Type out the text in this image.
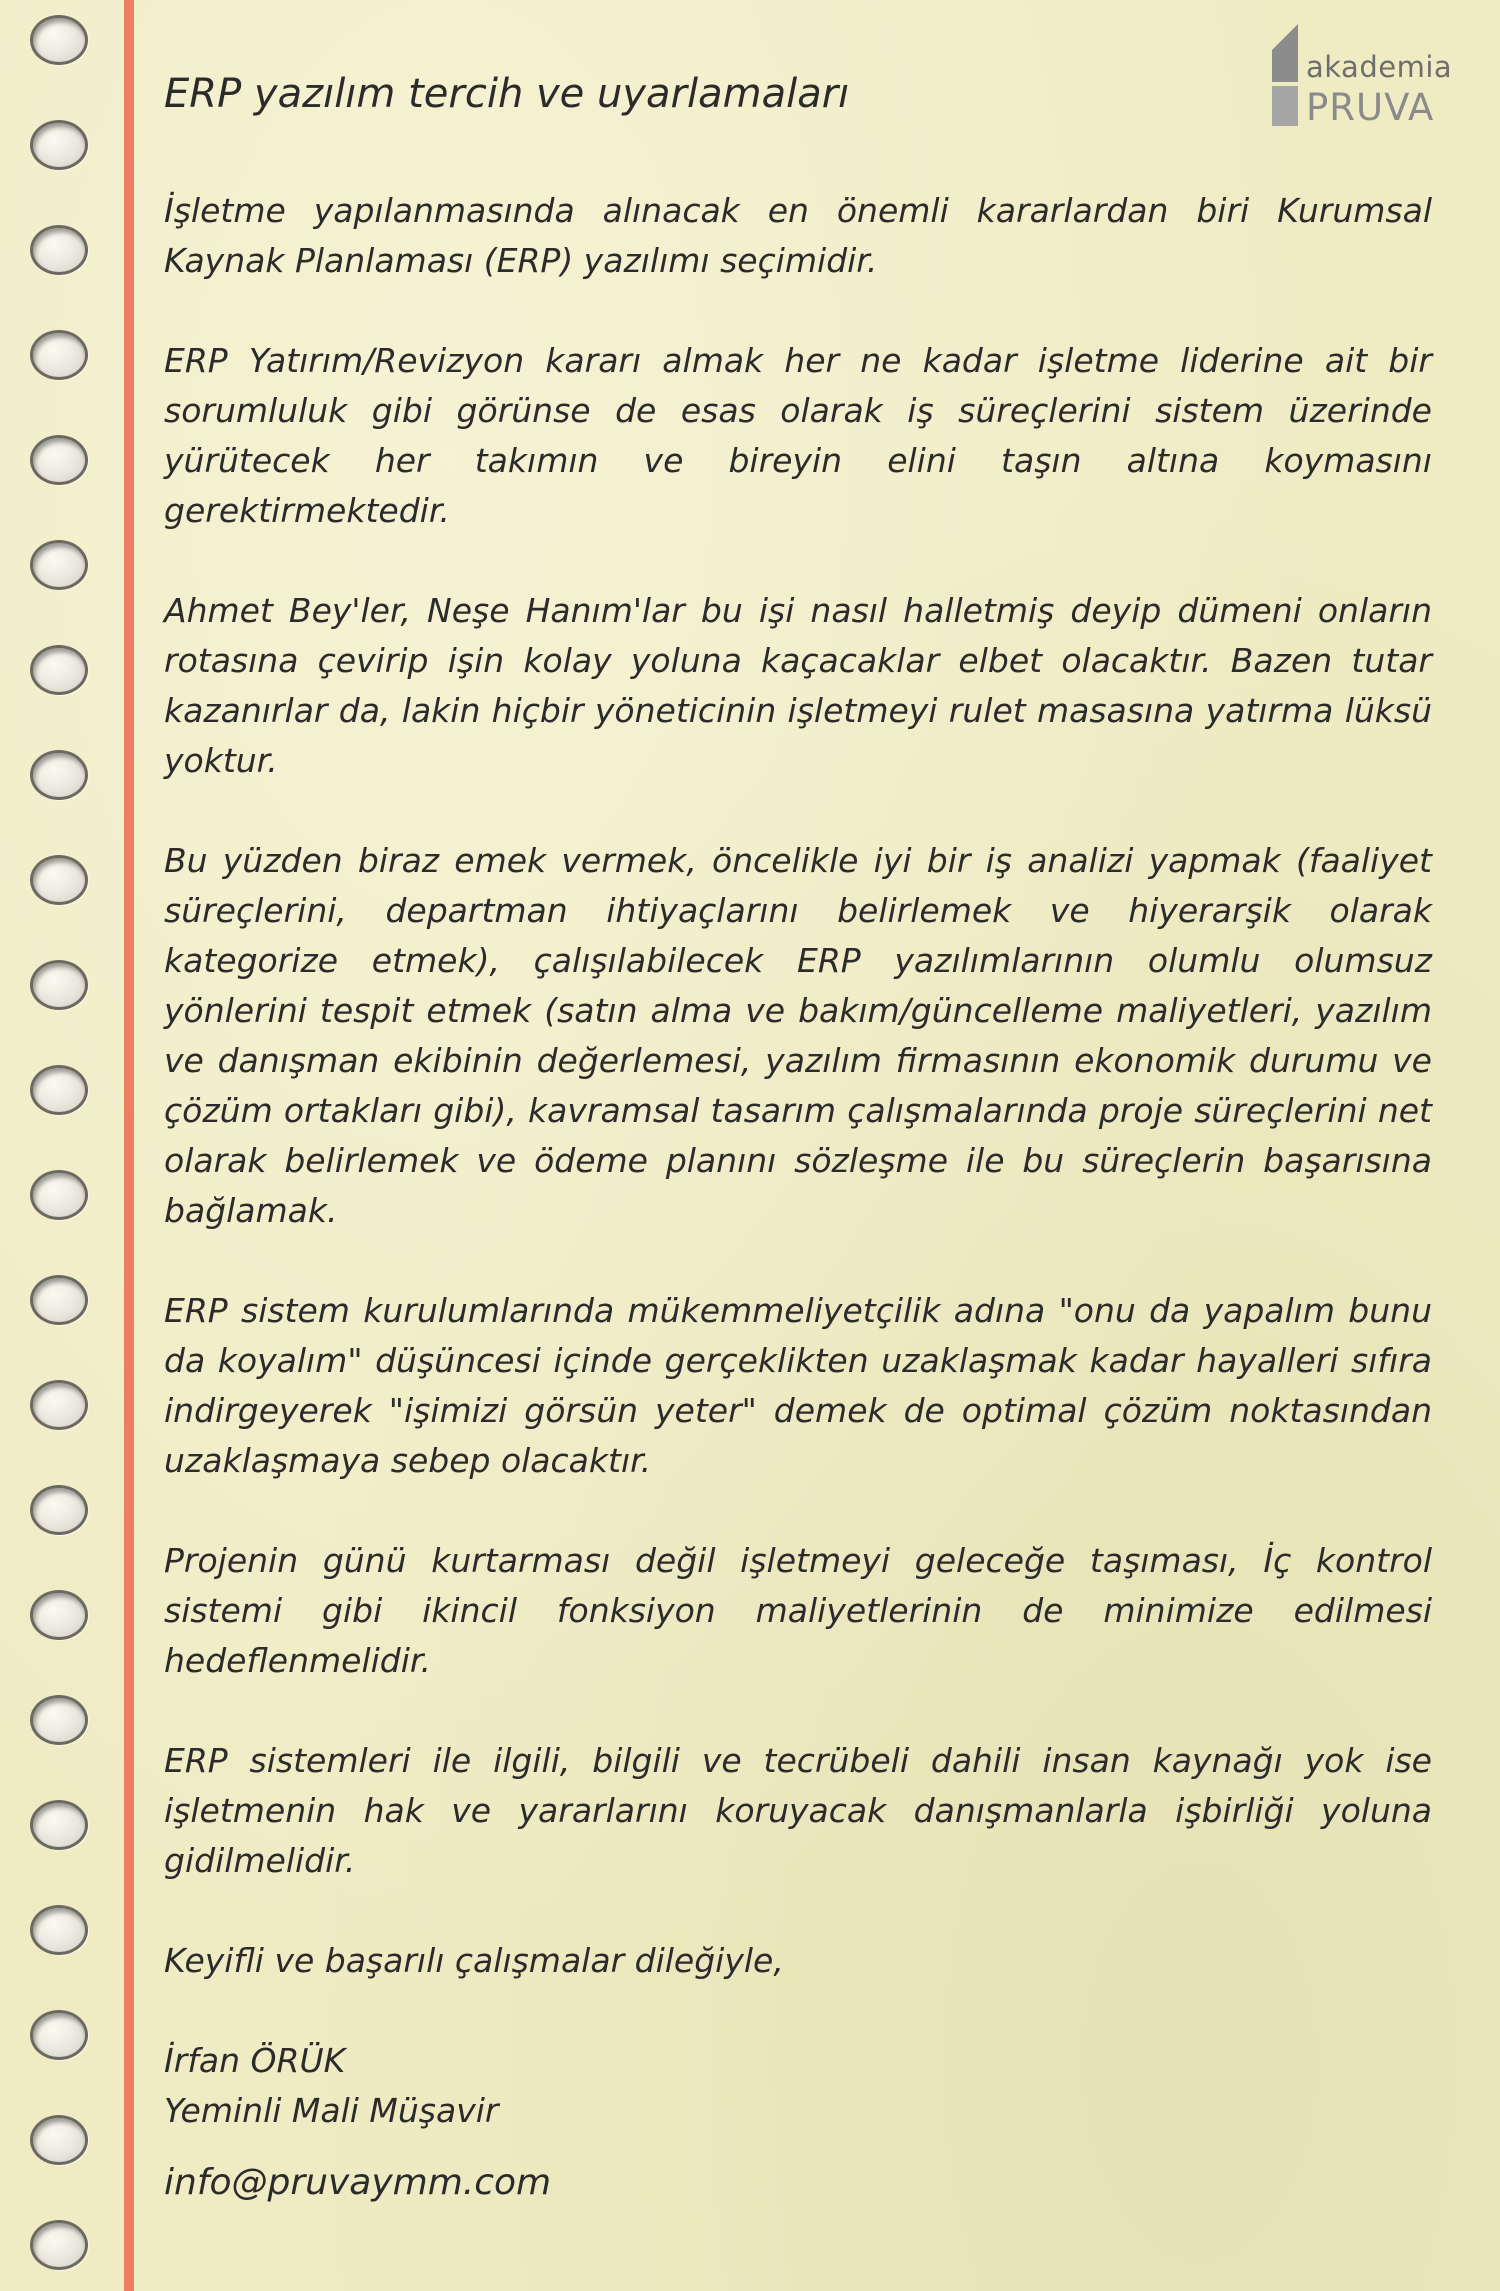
akademia
PRUVA
ERP yazılım tercih ve uyarlamaları

İşletme yapılanmasında alınacak en önemli kararlardan biri Kurumsal Kaynak Planlaması (ERP) yazılımı seçimidir.

ERP Yatırım/Revizyon kararı almak her ne kadar işletme liderine ait bir sorumluluk gibi görünse de esas olarak iş süreçlerini sistem üzerinde yürütecek her takımın ve bireyin elini taşın altına koymasını gerektirmektedir.

Ahmet Bey'ler, Neşe Hanım'lar bu işi nasıl halletmiş deyip dümeni onların rotasına çevirip işin kolay yoluna kaçacaklar elbet olacaktır. Bazen tutar kazanırlar da, lakin hiçbir yöneticinin işletmeyi rulet masasına yatırma lüksü yoktur.

Bu yüzden biraz emek vermek, öncelikle iyi bir iş analizi yapmak (faaliyet süreçlerini, departman ihtiyaçlarını belirlemek ve hiyerarşik olarak kategorize etmek), çalışılabilecek ERP yazılımlarının olumlu olumsuz yönlerini tespit etmek (satın alma ve bakım/güncelleme maliyetleri, yazılım ve danışman ekibinin değerlemesi, yazılım firmasının ekonomik durumu ve çözüm ortakları gibi), kavramsal tasarım çalışmalarında proje süreçlerini net olarak belirlemek ve ödeme planını sözleşme ile bu süreçlerin başarısına bağlamak.

ERP sistem kurulumlarında mükemmeliyetçilik adına "onu da yapalım bunu da koyalım" düşüncesi içinde gerçeklikten uzaklaşmak kadar hayalleri sıfıra indirgeyerek "işimizi görsün yeter" demek de optimal çözüm noktasından uzaklaşmaya sebep olacaktır.

Projenin günü kurtarması değil işletmeyi geleceğe taşıması, İç kontrol sistemi gibi ikincil fonksiyon maliyetlerinin de minimize edilmesi hedeflenmelidir.

ERP sistemleri ile ilgili, bilgili ve tecrübeli dahili insan kaynağı yok ise işletmenin hak ve yararlarını koruyacak danışmanlarla işbirliği yoluna gidilmelidir.

Keyifli ve başarılı çalışmalar dileğiyle,

İrfan ÖRÜK

Yeminli Mali Müşavir

info@pruvaymm.com
